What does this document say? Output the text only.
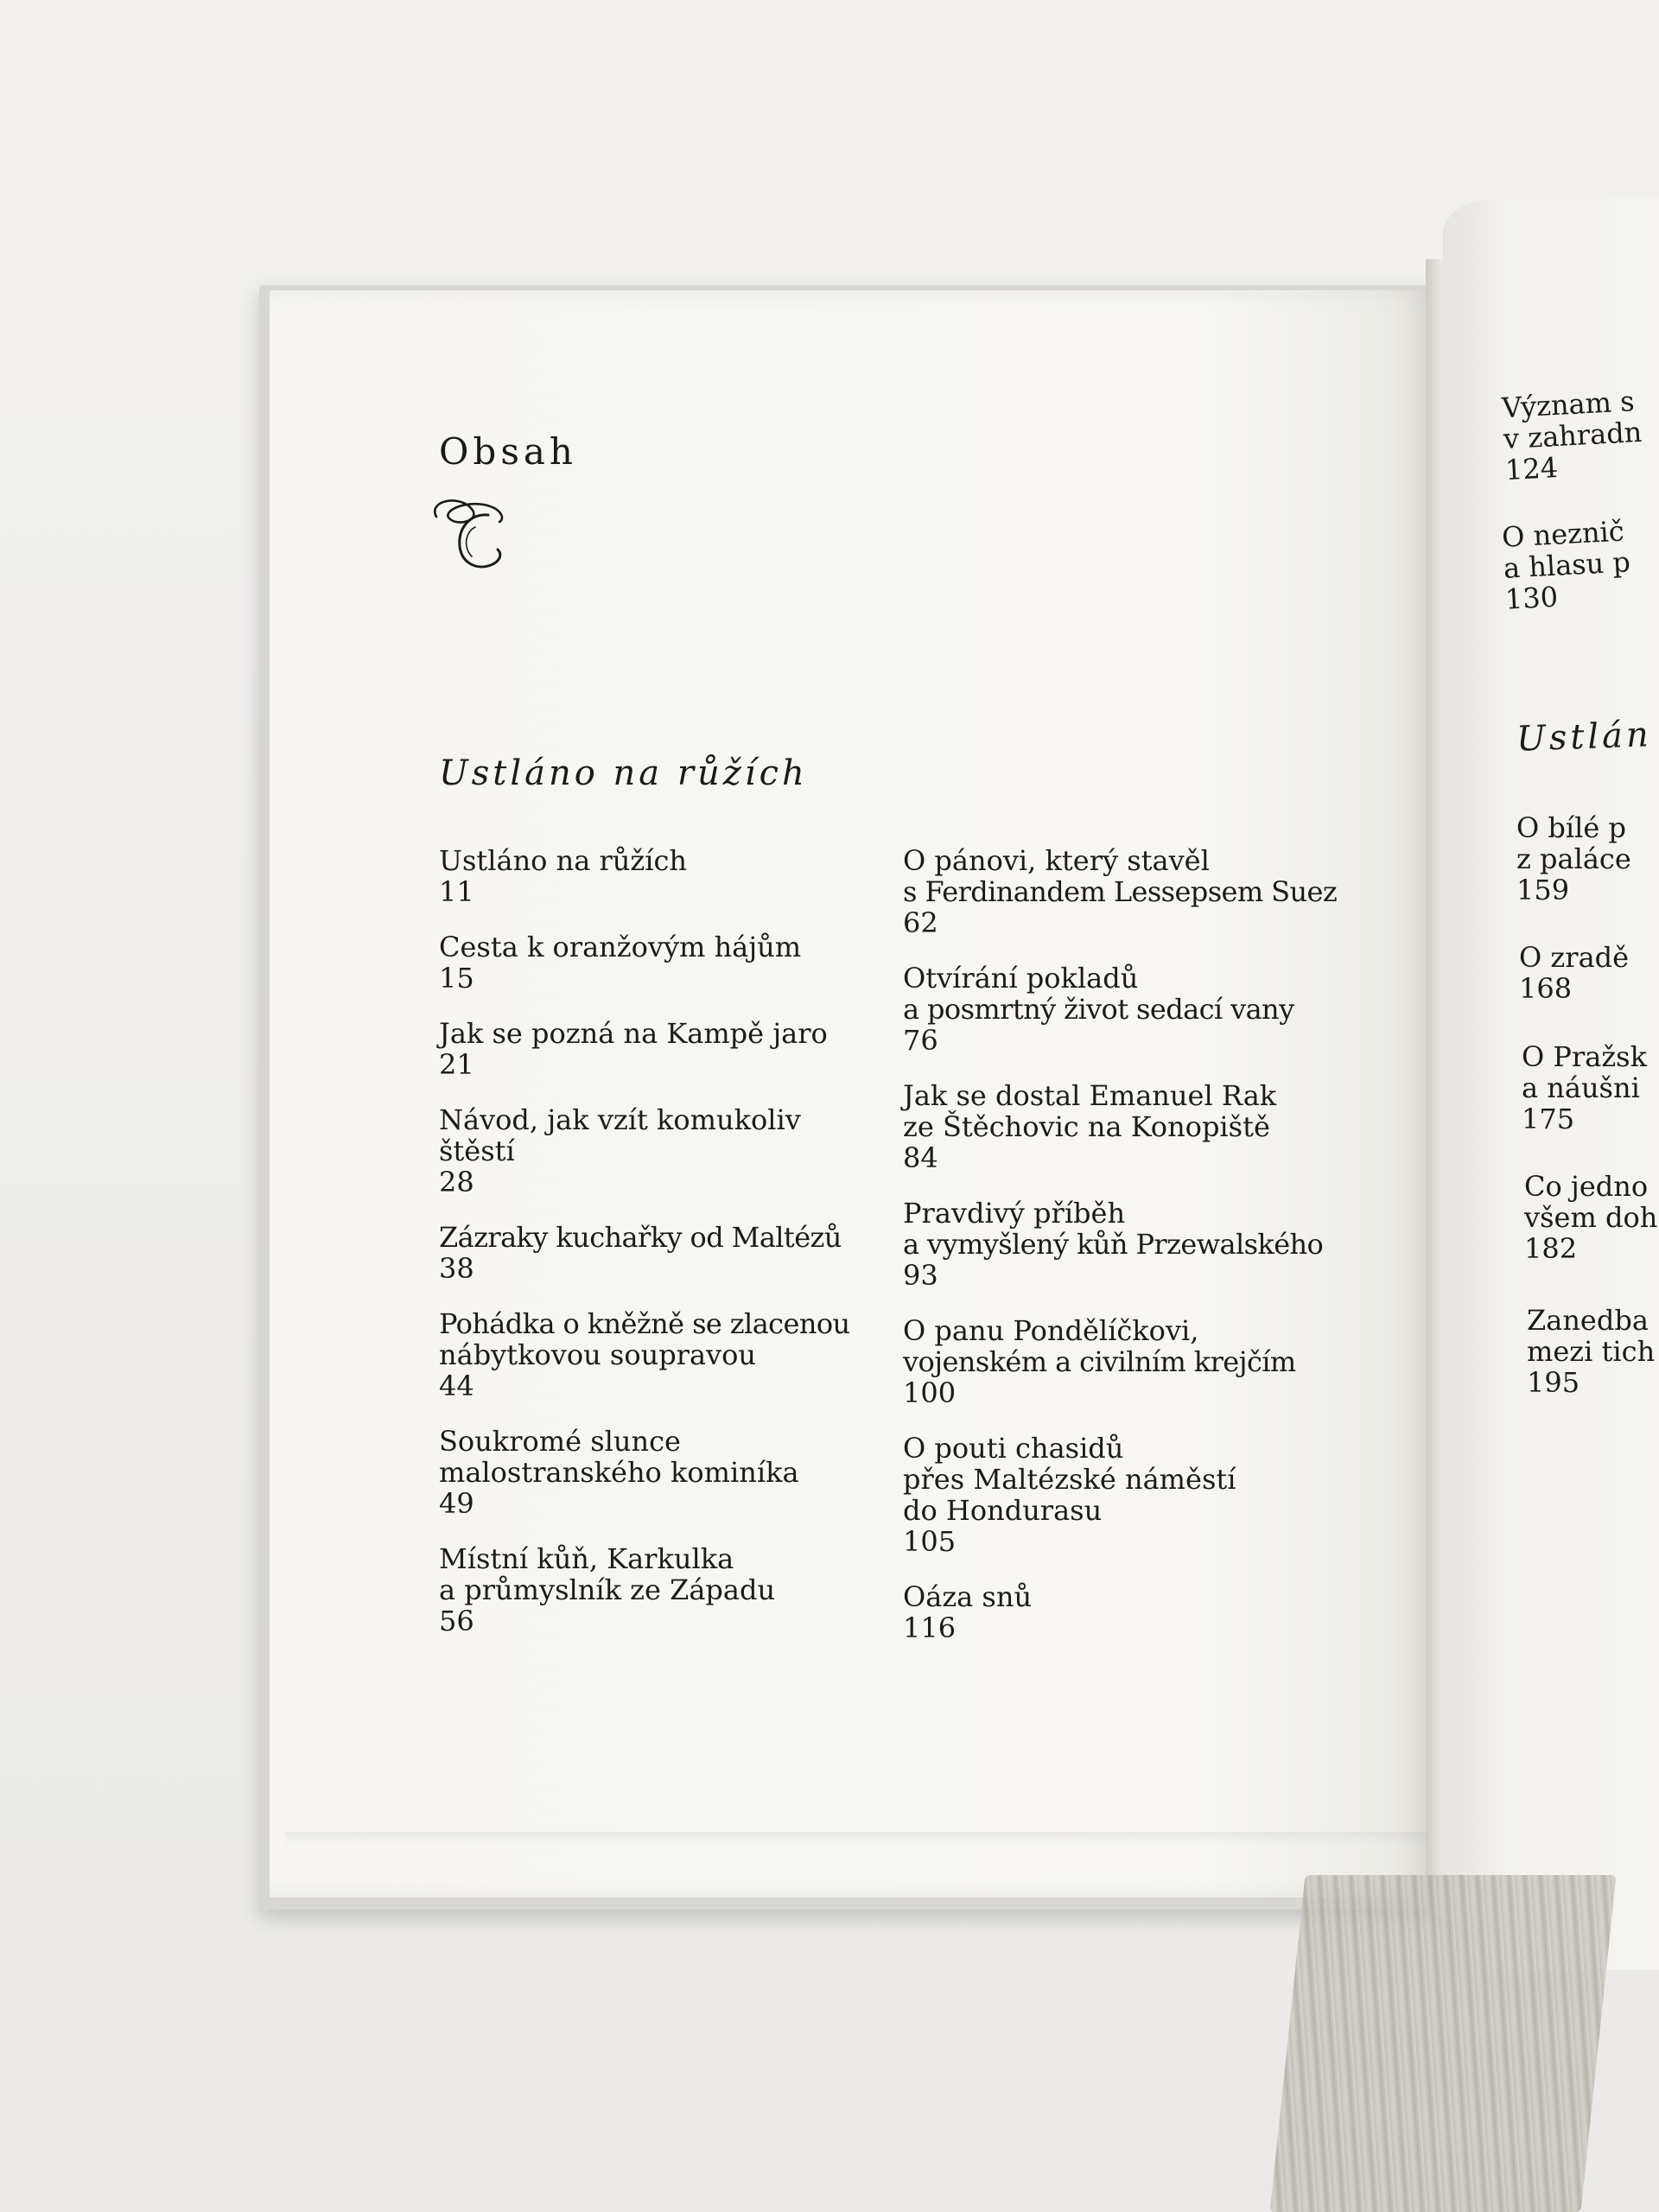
Obsah
Ustláno na růžích
Ustláno na růžích
11
Cesta k oranžovým hájům
15
Jak se pozná na Kampě jaro
21
Návod, jak vzít komukoliv
štěstí
28
Zázraky kuchařky od Maltézů
38
Pohádka o kněžně se zlacenou
nábytkovou soupravou
44
Soukromé slunce
malostranského kominíka
49
Místní kůň, Karkulka
a průmyslník ze Západu
56
O pánovi, který stavěl
s Ferdinandem Lessepsem Suez
62
Otvírání pokladů
a posmrtný život sedací vany
76
Jak se dostal Emanuel Rak
ze Štěchovic na Konopiště
84
Pravdivý příběh
a vymyšlený kůň Przewalského
93
O panu Pondělíčkovi,
vojenském a civilním krejčím
100
O pouti chasidů
přes Maltézské náměstí
do Hondurasu
105
Oáza snů
116
Význam s
v zahradn
124
O neznič
a hlasu p
130
Ustlán
O bílé p
z paláce
159
O zradě
168
O Pražsk
a náušni
175
Co jedno
všem doh
182
Zanedba
mezi tich
195
